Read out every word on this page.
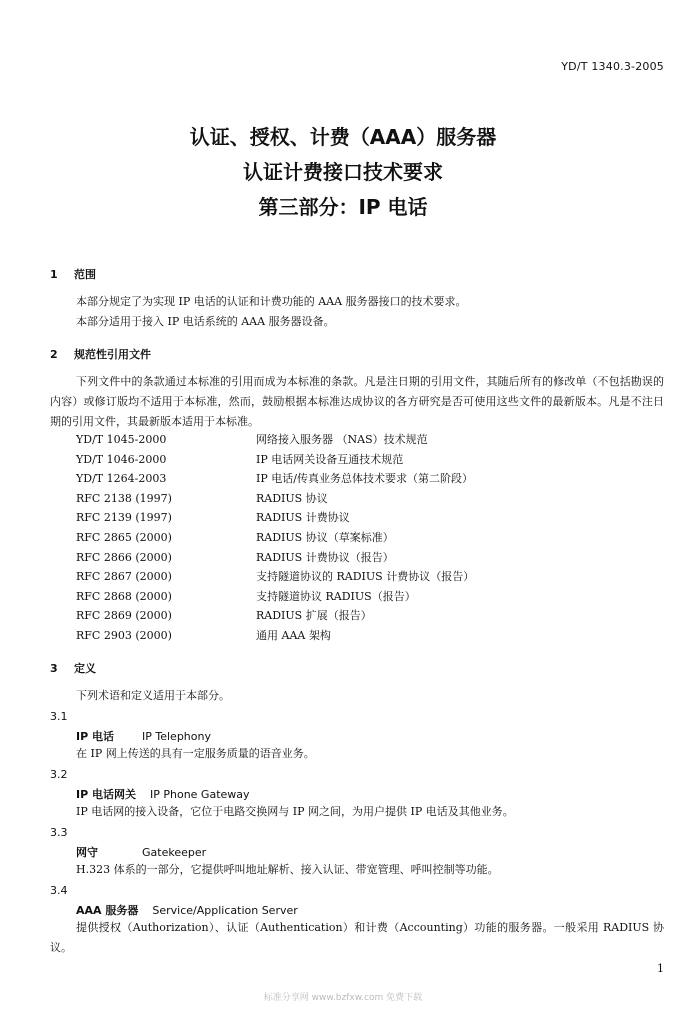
YD/T 1340.3-2005
认证、授权、计费（AAA）服务器
认证计费接口技术要求
第三部分：IP 电话
1 范围
本部分规定了为实现 IP 电话的认证和计费功能的 AAA 服务器接口的技术要求。
本部分适用于接入 IP 电话系统的 AAA 服务器设备。
2 规范性引用文件
下列文件中的条款通过本标准的引用而成为本标准的条款。凡是注日期的引用文件，其随后所有的修改单（不包括勘误的内容）或修订版均不适用于本标准，然而，鼓励根据本标准达成协议的各方研究是否可使用这些文件的最新版本。凡是不注日期的引用文件，其最新版本适用于本标准。
YD/T 1045-2000	网络接入服务器 （NAS）技术规范
YD/T 1046-2000	IP 电话网关设备互通技术规范
YD/T 1264-2003	IP 电话/传真业务总体技术要求（第二阶段）
RFC 2138 (1997)	RADIUS 协议
RFC 2139 (1997)	RADIUS 计费协议
RFC 2865 (2000)	RADIUS 协议（草案标准）
RFC 2866 (2000)	RADIUS 计费协议（报告）
RFC 2867 (2000)	支持隧道协议的 RADIUS 计费协议（报告）
RFC 2868 (2000)	支持隧道协议 RADIUS（报告）
RFC 2869 (2000)	RADIUS 扩展（报告）
RFC 2903 (2000)	通用 AAA 架构
3 定义
下列术语和定义适用于本部分。
3.1
IP 电话	IP Telephony
在 IP 网上传送的具有一定服务质量的语音业务。
3.2
IP 电话网关 IP Phone Gateway
IP 电话网的接入设备，它位于电路交换网与 IP 网之间，为用户提供 IP 电话及其他业务。
3.3
网守	Gatekeeper
H.323 体系的一部分，它提供呼叫地址解析、接入认证、带宽管理、呼叫控制等功能。
3.4
AAA 服务器 Service/Application Server
提供授权（Authorization）、认证（Authentication）和计费（Accounting）功能的服务器。一般采用 RADIUS 协议。
1
标准分享网 www.bzfxw.com 免费下载
